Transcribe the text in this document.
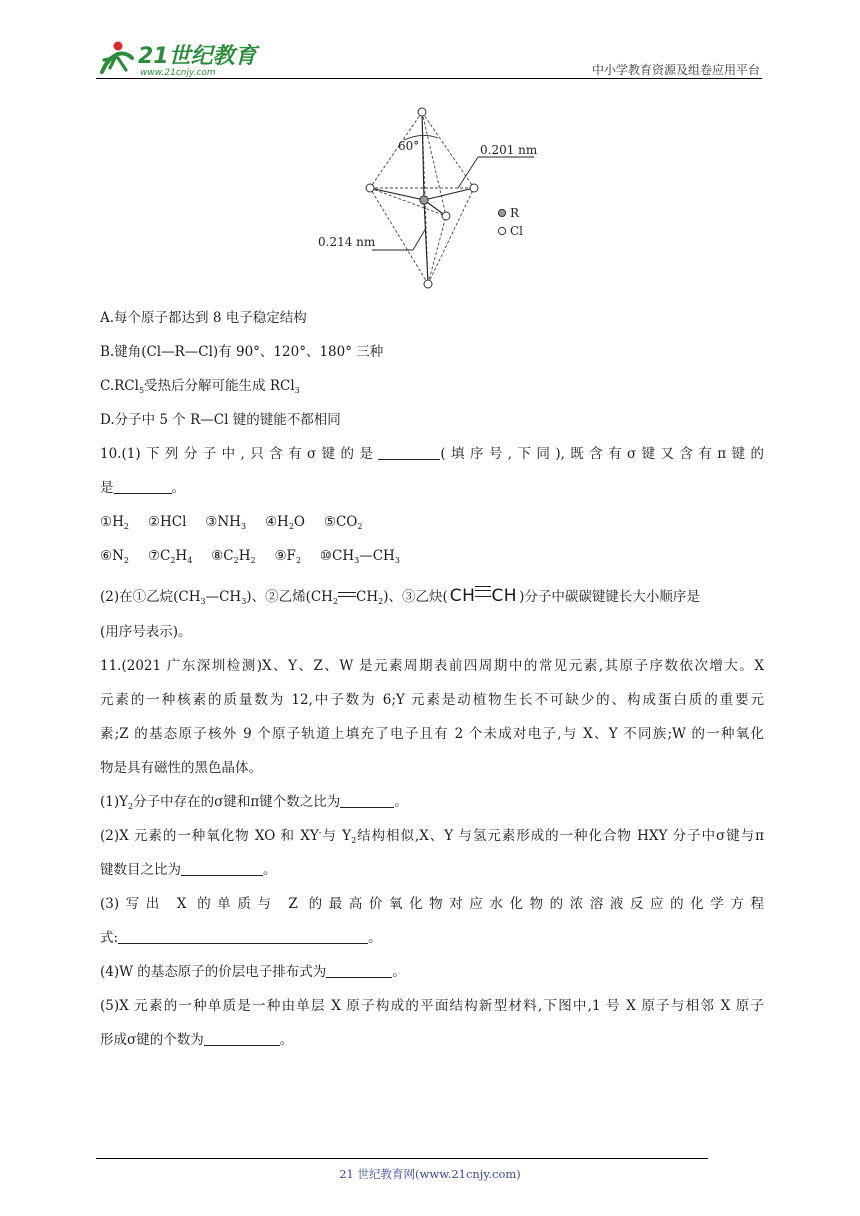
21世纪教育
www.21cnjy.com	中小学教育资源及组卷应用平台
60°	0.201 nm
0.214 nm
R
Cl
A.每个原子都达到 8 电子稳定结构
B.键角(Cl—R—Cl)有 90°、120°、180° 三种
C.RCl$_5$受热后分解可能生成 RCl$_3$
D.分子中 5 个 R—Cl 键的键能不都相同
10.(1)下列分子中,只含有σ键的是	(填序号,下同),既含有σ键又含有π键的
是	。
$①H_2$ ②HCl $③NH_3$ $④H_2O$ $⑤CO_2$
$⑥N_2$ $⑦C_2H_4$ $⑧C_2H_2$ $⑨F_2$ $⑩CH_3—CH_3$
(2)在①乙烷$(CH_3—CH_3)$、②乙烯($CH_2$ $CH_2$)、③乙炔( CH CH )分子中碳碳键键长大小顺序是
(用序号表示)。
11.(2021 广东深圳检测)X、Y、Z、W 是元素周期表前四周期中的常见元素,其原子序数依次增大。X
元素的一种核素的质量数为 12,中子数为 6;Y 元素是动植物生长不可缺少的、构成蛋白质的重要元
素;Z 的基态原子核外 9 个原子轨道上填充了电子且有 2 个未成对电子,与 X、Y 不同族;W 的一种氧化
物是具有磁性的黑色晶体。
$(1)Y_2$分子中存在的σ键和π键个数之比为	。
(2)X 元素的一种氧化物 XO 和 XY-与 $Y_2$结构相似,X、Y 与氢元素形成的一种化合物 HXY 分子中σ键与π
键数目之比为	。
(3)写出 X 的单质与 Z 的最高价氧化物对应水化物的浓溶液反应的化学方程
式:	。
(4)W 的基态原子的价层电子排布式为	。
(5)X 元素的一种单质是一种由单层 X 原子构成的平面结构新型材料,下图中,1 号 X 原子与相邻 X 原子
形成σ键的个数为	。
21 世纪教育网(www.21cnjy.com)
